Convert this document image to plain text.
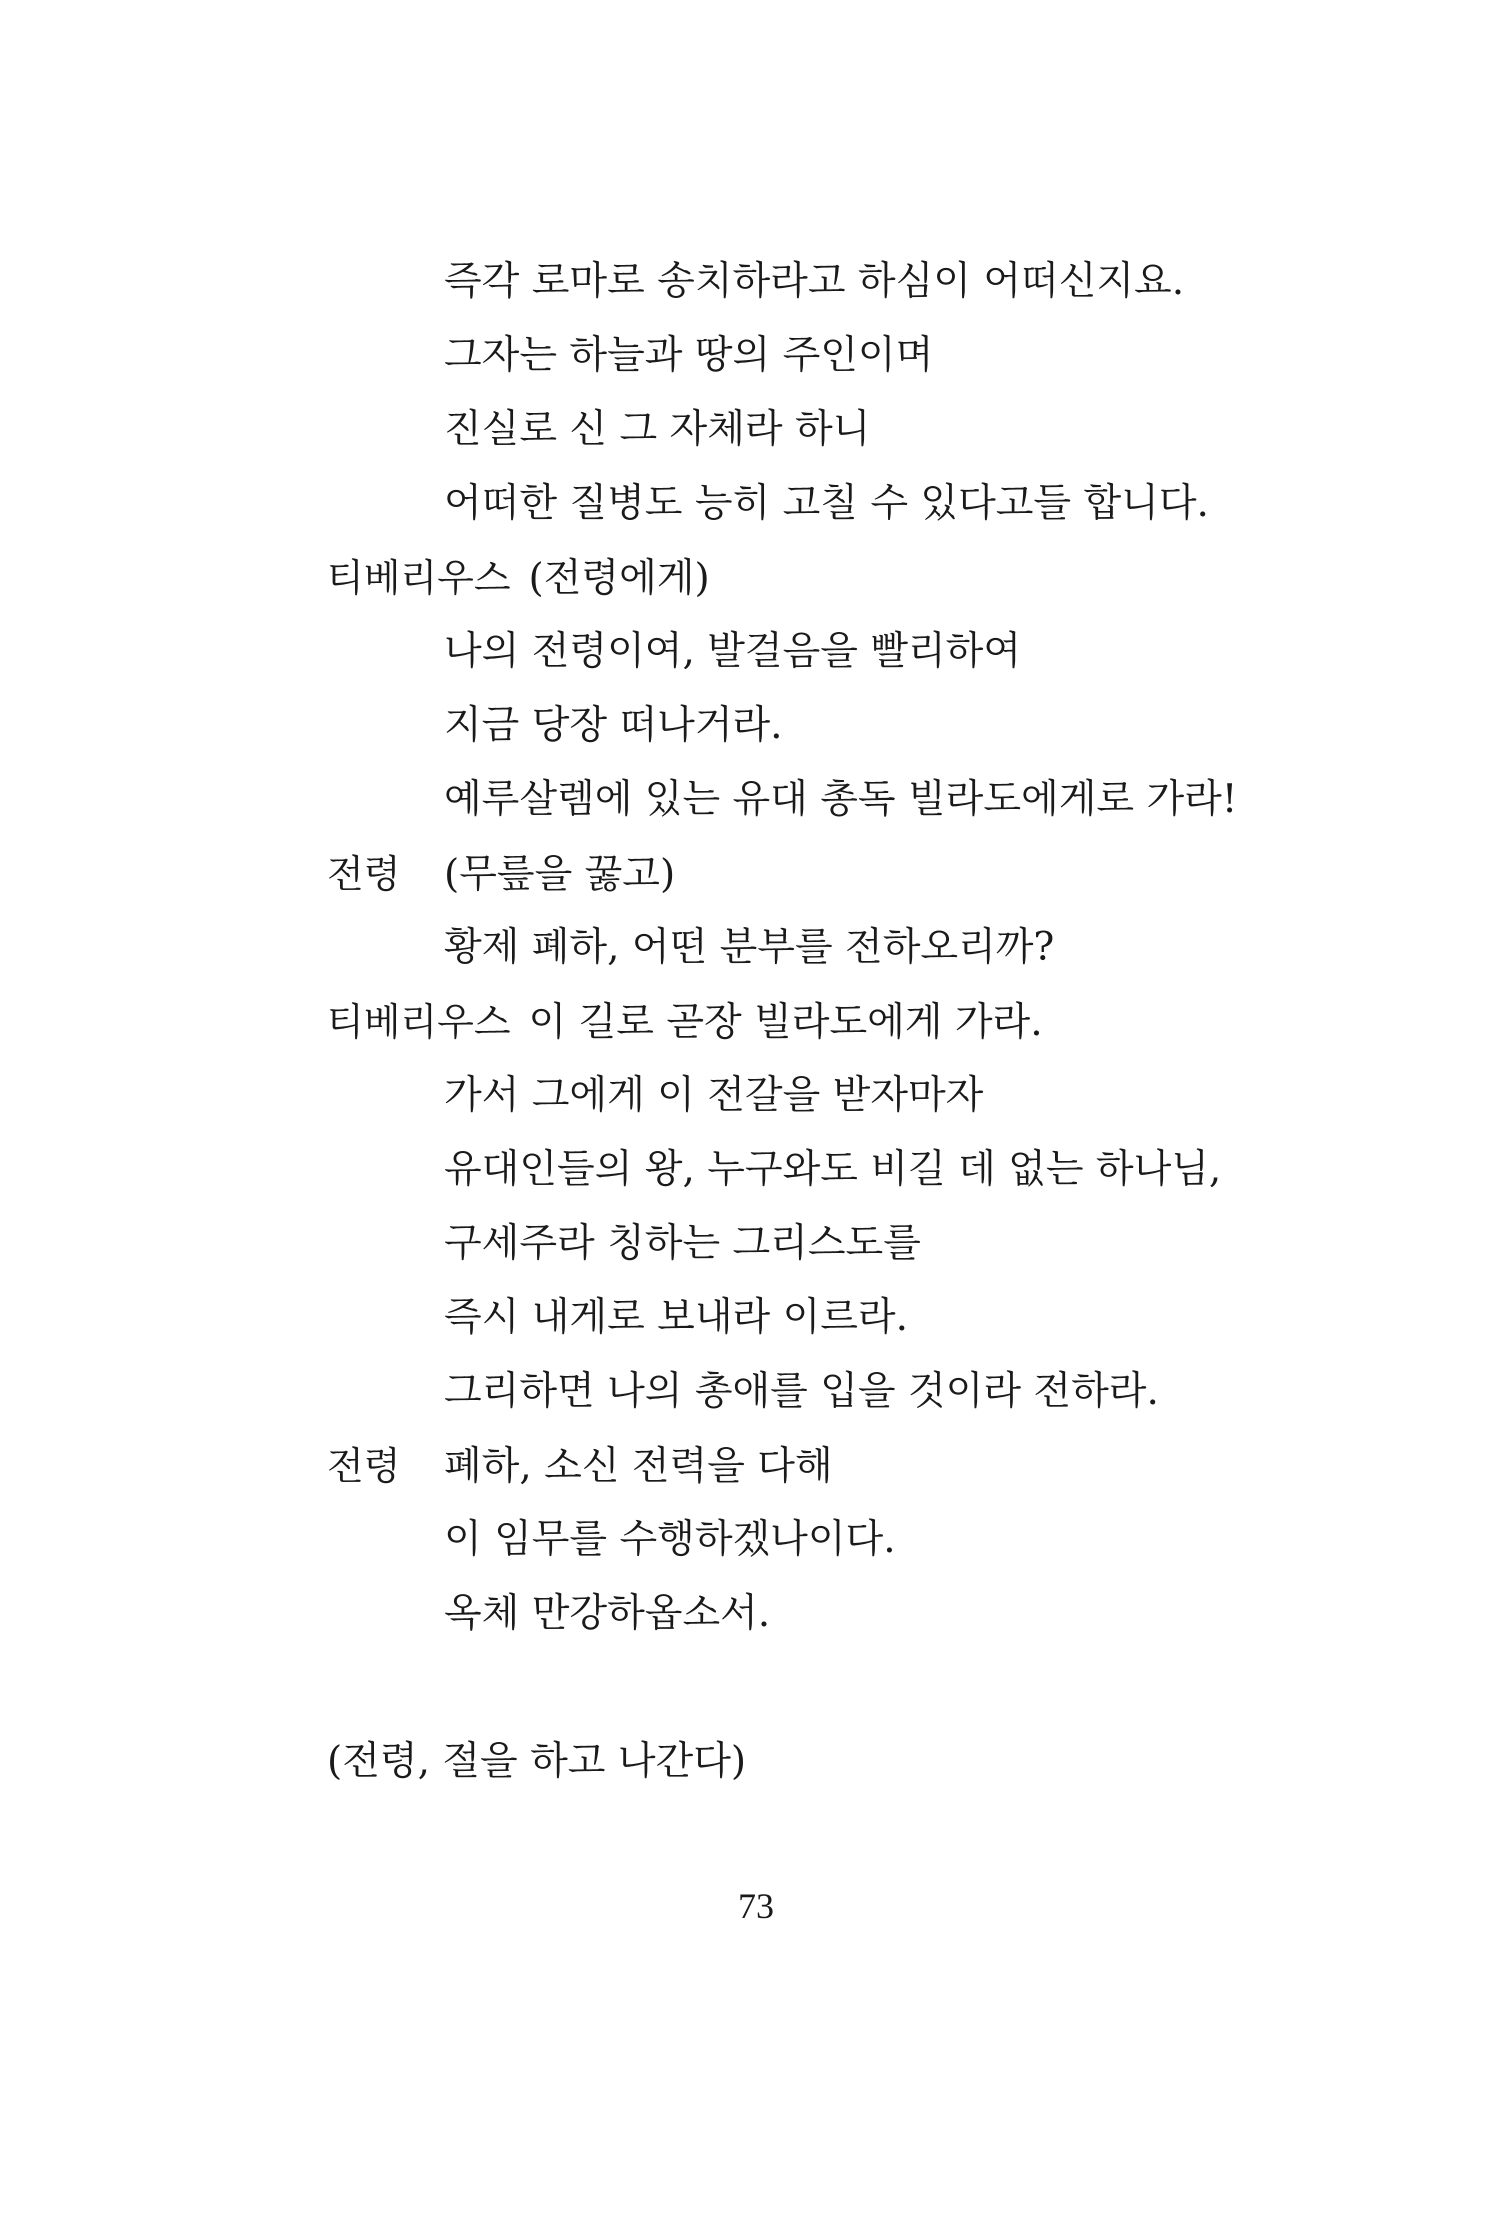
즉각 로마로 송치하라고 하심이 어떠신지요.
그자는 하늘과 땅의 주인이며
진실로 신 그 자체라 하니
어떠한 질병도 능히 고칠 수 있다고들 합니다.
티베리우스 (전령에게)
나의 전령이여, 발걸음을 빨리하여
지금 당장 떠나거라.
예루살렘에 있는 유대 총독 빌라도에게로 가라!
전령 (무릎을 꿇고)
황제 폐하, 어떤 분부를 전하오리까?
티베리우스 이 길로 곧장 빌라도에게 가라.
가서 그에게 이 전갈을 받자마자
유대인들의 왕, 누구와도 비길 데 없는 하나님,
구세주라 칭하는 그리스도를
즉시 내게로 보내라 이르라.
그리하면 나의 총애를 입을 것이라 전하라.
전령 폐하, 소신 전력을 다해
이 임무를 수행하겠나이다.
옥체 만강하옵소서.
(전령, 절을 하고 나간다)
73
